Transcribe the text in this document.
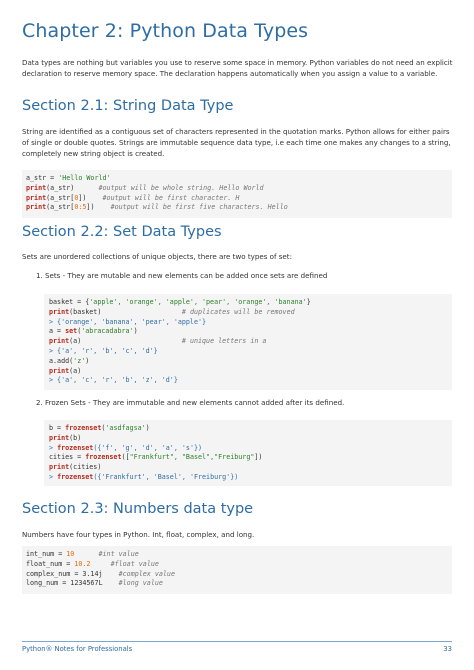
Chapter 2: Python Data Types

Data types are nothing but variables you use to reserve some space in memory. Python variables do not need an explicit declaration to reserve memory space. The declaration happens automatically when you assign a value to a variable.

Section 2.1: String Data Type

String are identified as a contiguous set of characters represented in the quotation marks. Python allows for either pairs of single or double quotes. Strings are immutable sequence data type, i.e each time one makes any changes to a string, completely new string object is created.

a_str = 'Hello World'
print(a_str)	#output will be whole string. Hello World
print(a_str[0]) #output will be first character. H
print(a_str[0:5]) #output will be first five characters. Hello
Section 2.2: Set Data Types

Sets are unordered collections of unique objects, there are two types of set:

1. Sets - They are mutable and new elements can be added once sets are defined
basket = {'apple', 'orange', 'apple', 'pear', 'orange', 'banana'}
print(basket)	# duplicates will be removed
> {'orange', 'banana', 'pear', 'apple'}
a = set('abracadabra')
print(a)	# unique letters in a
> {'a', 'r', 'b', 'c', 'd'}
a.add('z')
print(a)
> {'a', 'c', 'r', 'b', 'z', 'd'}
2. Frozen Sets - They are immutable and new elements cannot added after its defined.
b = frozenset('asdfagsa')
print(b)
> frozenset({'f', 'g', 'd', 'a', 's'})
cities = frozenset(["Frankfurt", "Basel","Freiburg"])
print(cities)
> frozenset({'Frankfurt', 'Basel', 'Freiburg'})
Section 2.3: Numbers data type

Numbers have four types in Python. Int, float, complex, and long.

int_num = 10	#int value
float_num = 10.2	#float value
complex_num = 3.14j #complex value
long_num = 1234567L #long value
Python® Notes for Professionals	33
